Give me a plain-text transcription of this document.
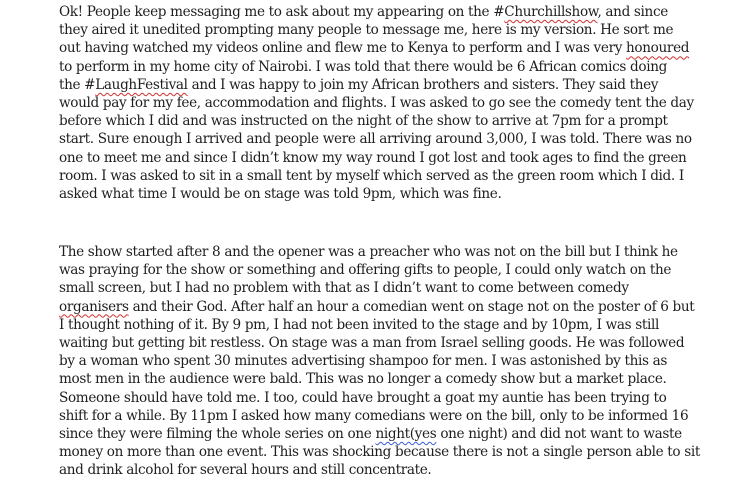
Ok! People keep messaging me to ask about my appearing on the #Churchillshow, and since
they aired it unedited prompting many people to message me, here is my version. He sort me
out having watched my videos online and flew me to Kenya to perform and I was very honoured
to perform in my home city of Nairobi. I was told that there would be 6 African comics doing
the #LaughFestival and I was happy to join my African brothers and sisters. They said they
would pay for my fee, accommodation and flights. I was asked to go see the comedy tent the day
before which I did and was instructed on the night of the show to arrive at 7pm for a prompt
start. Sure enough I arrived and people were all arriving around 3,000, I was told. There was no
one to meet me and since I didn’t know my way round I got lost and took ages to find the green
room. I was asked to sit in a small tent by myself which served as the green room which I did. I
asked what time I would be on stage was told 9pm, which was fine.
The show started after 8 and the opener was a preacher who was not on the bill but I think he
was praying for the show or something and offering gifts to people, I could only watch on the
small screen, but I had no problem with that as I didn’t want to come between comedy
organisers and their God. After half an hour a comedian went on stage not on the poster of 6 but
I thought nothing of it. By 9 pm, I had not been invited to the stage and by 10pm, I was still
waiting but getting bit restless. On stage was a man from Israel selling goods. He was followed
by a woman who spent 30 minutes advertising shampoo for men. I was astonished by this as
most men in the audience were bald. This was no longer a comedy show but a market place.
Someone should have told me. I too, could have brought a goat my auntie has been trying to
shift for a while. By 11pm I asked how many comedians were on the bill, only to be informed 16
since they were filming the whole series on one night(yes one night) and did not want to waste
money on more than one event. This was shocking because there is not a single person able to sit
and drink alcohol for several hours and still concentrate.
